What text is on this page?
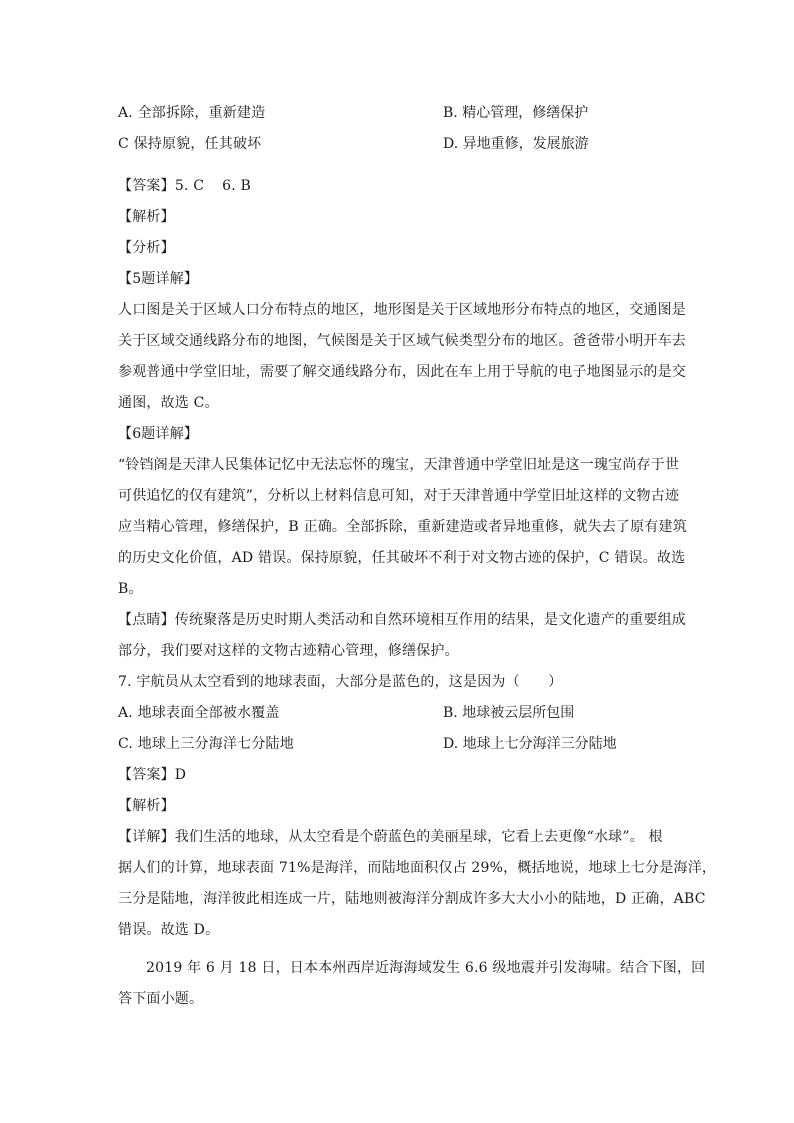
A. 全部拆除，重新建造	B. 精心管理，修缮保护
C 保持原貌，任其破坏	D. 异地重修，发展旅游
【答案】5. C 6. B
【解析】
【分析】
【5题详解】
人口图是关于区域人口分布特点的地区，地形图是关于区域地形分布特点的地区，交通图是
关于区域交通线路分布的地图，气候图是关于区域气候类型分布的地区。爸爸带小明开车去
参观普通中学堂旧址，需要了解交通线路分布，因此在车上用于导航的电子地图显示的是交
通图，故选 C。
【6题详解】
“铃铛阁是天津人民集体记忆中无法忘怀的瑰宝，天津普通中学堂旧址是这一瑰宝尚存于世
可供追忆的仅有建筑”，分析以上材料信息可知，对于天津普通中学堂旧址这样的文物古迹
应当精心管理，修缮保护，B 正确。全部拆除，重新建造或者异地重修，就失去了原有建筑
的历史文化价值，AD 错误。保持原貌，任其破坏不利于对文物古迹的保护，C 错误。故选
B。
【点睛】传统聚落是历史时期人类活动和自然环境相互作用的结果，是文化遗产的重要组成
部分，我们要对这样的文物古迹精心管理，修缮保护。
7. 宇航员从太空看到的地球表面，大部分是蓝色的，这是因为（　　）
A. 地球表面全部被水覆盖	B. 地球被云层所包围
C. 地球上三分海洋七分陆地	D. 地球上七分海洋三分陆地
【答案】D
【解析】
【详解】我们生活的地球，从太空看是个蔚蓝色的美丽星球，它看上去更像“水球”。 根
据人们的计算，地球表面 71%是海洋，而陆地面积仅占 29%，概括地说，地球上七分是海洋，
三分是陆地，海洋彼此相连成一片，陆地则被海洋分割成许多大大小小的陆地，D 正确，ABC
错误。故选 D。
2019 年 6 月 18 日，日本本州西岸近海海域发生 6.6 级地震并引发海啸。结合下图，回
答下面小题。
